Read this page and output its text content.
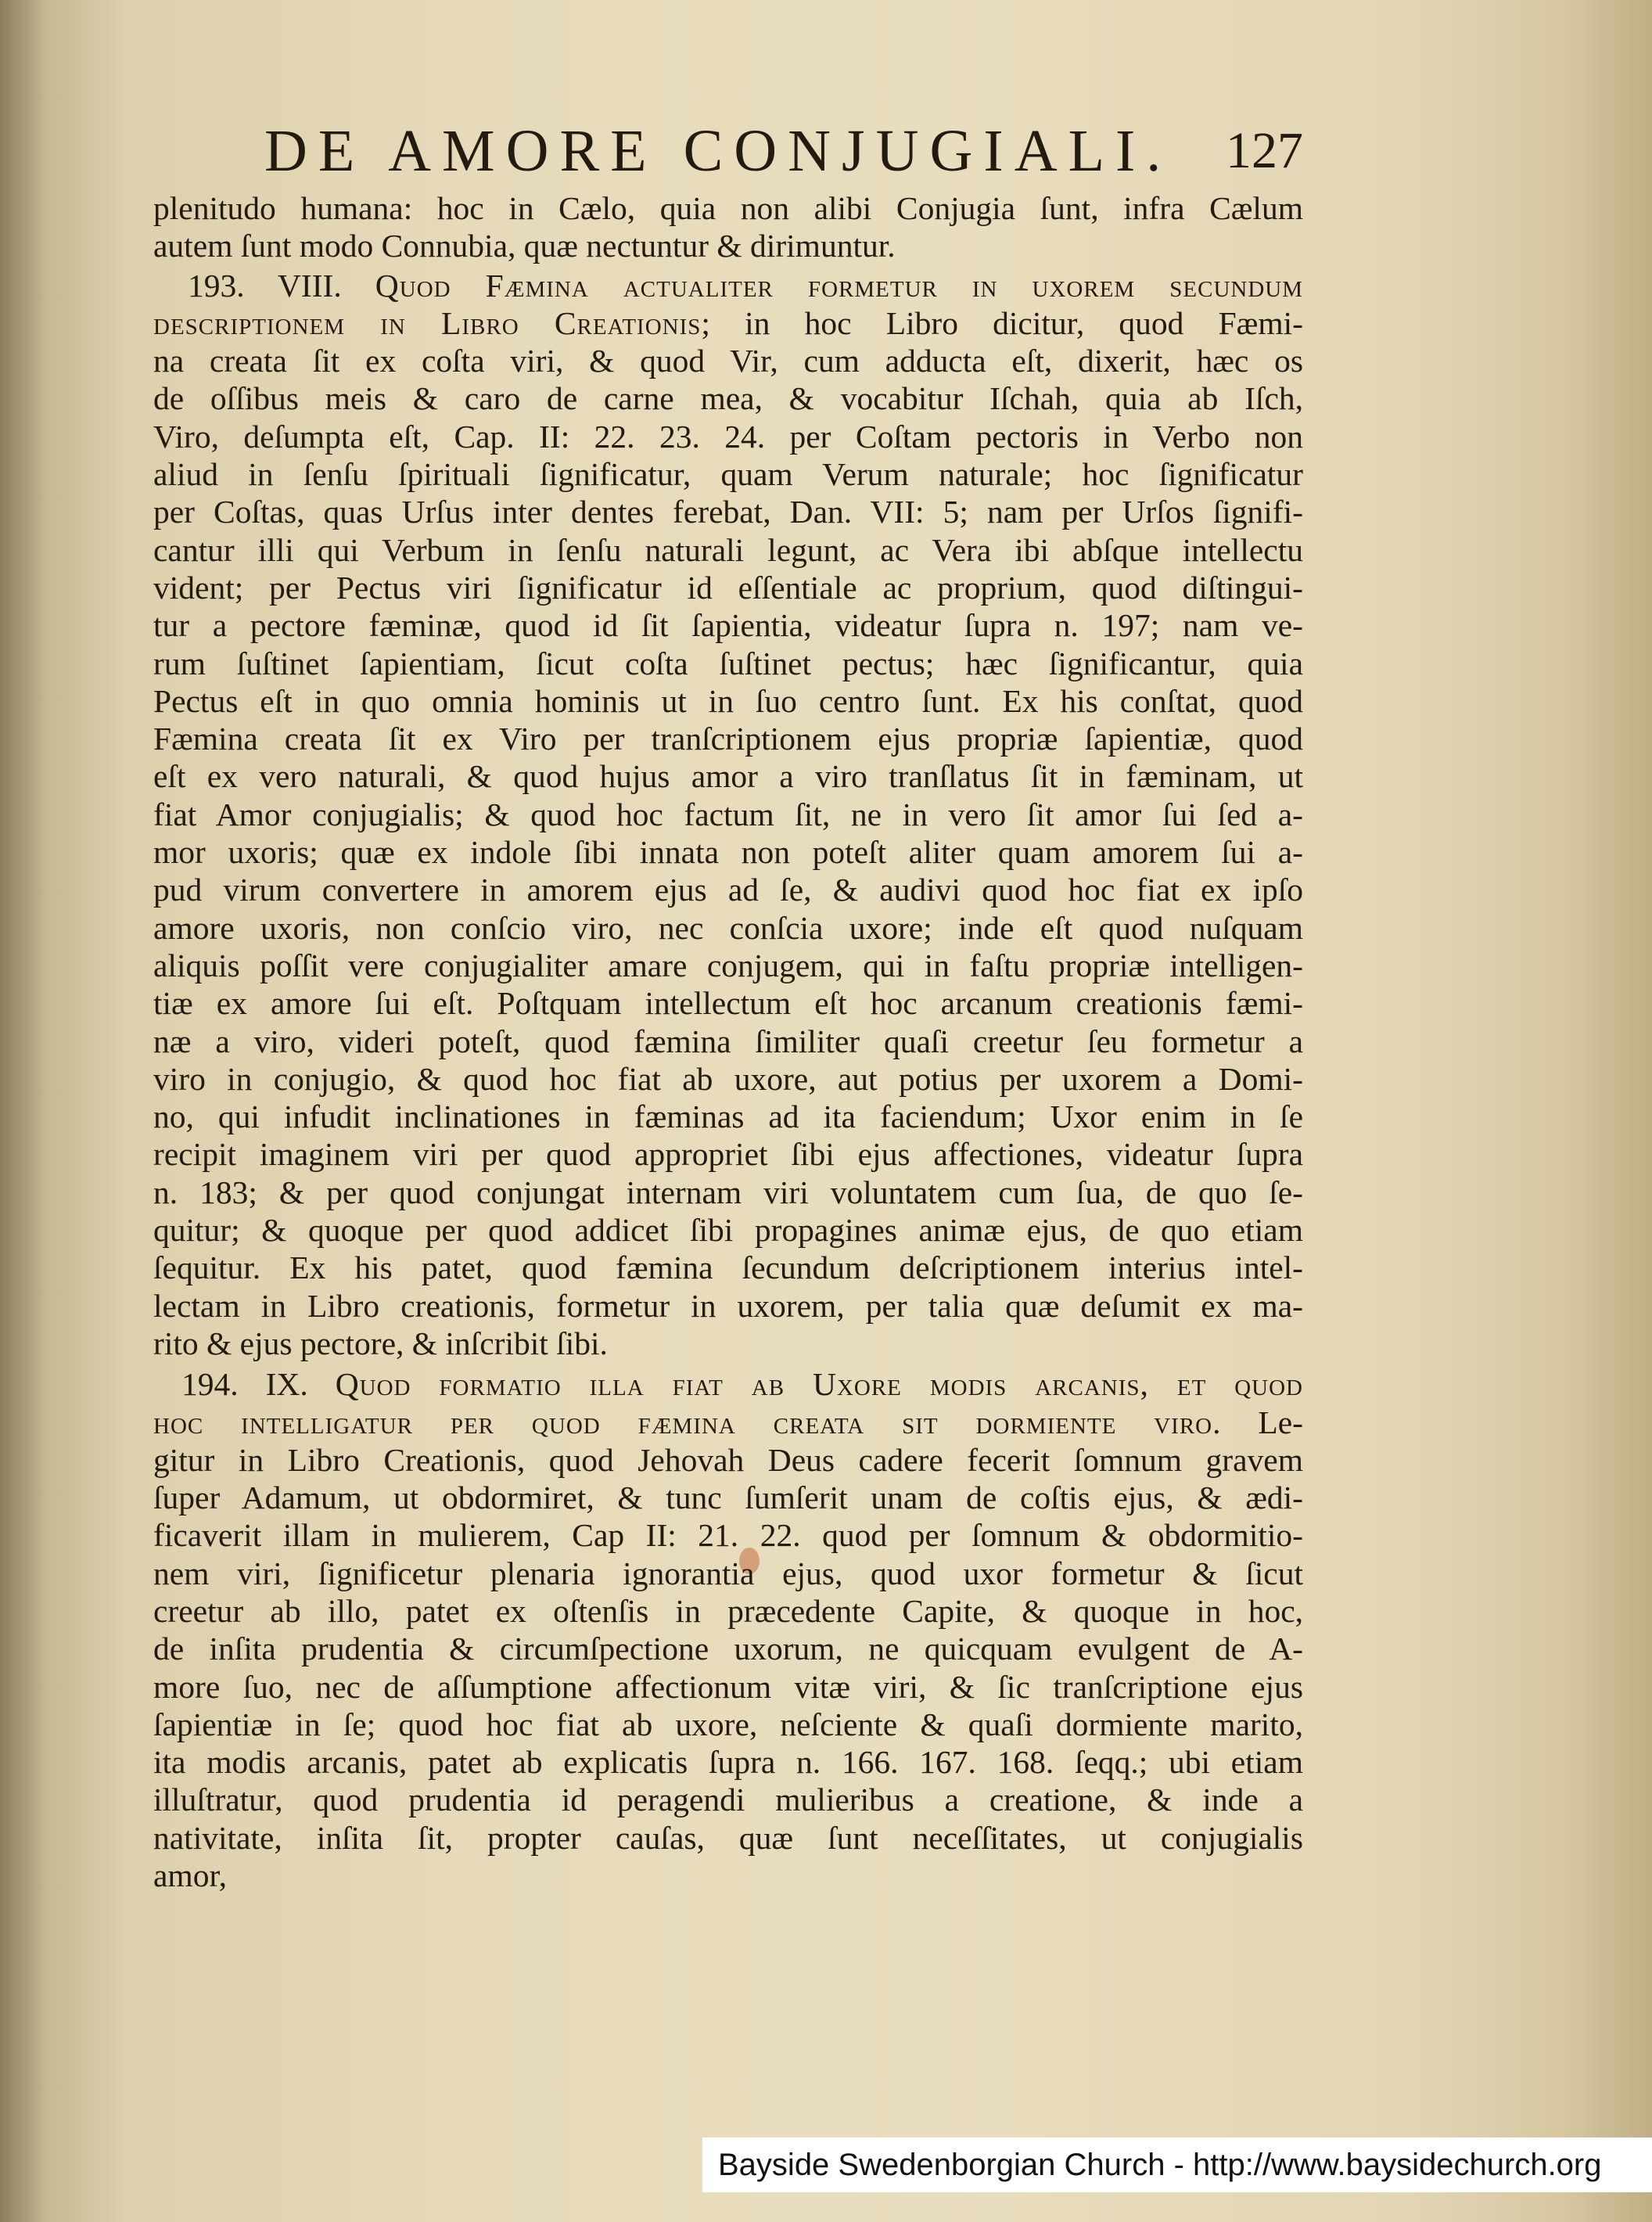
DE AMORE CONJUGIALI. 127

plenitudo humana: hoc in Cælo, quia non alibi Conjugia ſunt, infra Cælum
autem ſunt modo Connubia, quæ nectuntur & dirimuntur.

193. VIII. Quod Fæmina actualiter formetur in uxorem secundum
descriptionem in Libro Creationis; in hoc Libro dicitur, quod Fæmi-
na creata ſit ex coſta viri, & quod Vir, cum adducta eſt, dixerit, hæc os
de oſſibus meis & caro de carne mea, & vocabitur Iſchah, quia ab Iſch,
Viro, deſumpta eſt, Cap. II: 22. 23. 24. per Coſtam pectoris in Verbo non
aliud in ſenſu ſpirituali ſignificatur, quam Verum naturale; hoc ſignificatur
per Coſtas, quas Urſus inter dentes ferebat, Dan. VII: 5; nam per Urſos ſignifi-
cantur illi qui Verbum in ſenſu naturali legunt, ac Vera ibi abſque intellectu
vident; per Pectus viri ſignificatur id eſſentiale ac proprium, quod diſtingui-
tur a pectore fæminæ, quod id ſit ſapientia, videatur ſupra n. 197; nam ve-
rum ſuſtinet ſapientiam, ſicut coſta ſuſtinet pectus; hæc ſignificantur, quia
Pectus eſt in quo omnia hominis ut in ſuo centro ſunt. Ex his conſtat, quod
Fæmina creata ſit ex Viro per tranſcriptionem ejus propriæ ſapientiæ, quod
eſt ex vero naturali, & quod hujus amor a viro tranſlatus ſit in fæminam, ut
fiat Amor conjugialis; & quod hoc factum ſit, ne in vero ſit amor ſui ſed a-
mor uxoris; quæ ex indole ſibi innata non poteſt aliter quam amorem ſui a-
pud virum convertere in amorem ejus ad ſe, & audivi quod hoc fiat ex ipſo
amore uxoris, non conſcio viro, nec conſcia uxore; inde eſt quod nuſquam
aliquis poſſit vere conjugialiter amare conjugem, qui in faſtu propriæ intelligen-
tiæ ex amore ſui eſt. Poſtquam intellectum eſt hoc arcanum creationis fæmi-
næ a viro, videri poteſt, quod fæmina ſimiliter quaſi creetur ſeu formetur a
viro in conjugio, & quod hoc fiat ab uxore, aut potius per uxorem a Domi-
no, qui infudit inclinationes in fæminas ad ita faciendum; Uxor enim in ſe
recipit imaginem viri per quod appropriet ſibi ejus affectiones, videatur ſupra
n. 183; & per quod conjungat internam viri voluntatem cum ſua, de quo ſe-
quitur; & quoque per quod addicet ſibi propagines animæ ejus, de quo etiam
ſequitur. Ex his patet, quod fæmina ſecundum deſcriptionem interius intel-
lectam in Libro creationis, formetur in uxorem, per talia quæ deſumit ex ma-
rito & ejus pectore, & inſcribit ſibi.

194. IX. Quod formatio illa fiat ab Uxore modis arcanis, et quod
hoc intelligatur per quod fæmina creata sit dormiente viro. Le-
gitur in Libro Creationis, quod Jehovah Deus cadere fecerit ſomnum gravem
ſuper Adamum, ut obdormiret, & tunc ſumſerit unam de coſtis ejus, & ædi-
ficaverit illam in mulierem, Cap II: 21. 22. quod per ſomnum & obdormitio-
nem viri, ſignificetur plenaria ignorantia ejus, quod uxor formetur & ſicut
creetur ab illo, patet ex oſtenſis in præcedente Capite, & quoque in hoc,
de inſita prudentia & circumſpectione uxorum, ne quicquam evulgent de A-
more ſuo, nec de aſſumptione affectionum vitæ viri, & ſic tranſcriptione ejus
ſapientiæ in ſe; quod hoc fiat ab uxore, neſciente & quaſi dormiente marito,
ita modis arcanis, patet ab explicatis ſupra n. 166. 167. 168. ſeqq.; ubi etiam
illuſtratur, quod prudentia id peragendi mulieribus a creatione, & inde a
nativitate, inſita ſit, propter cauſas, quæ ſunt neceſſitates, ut conjugialis
amor,

Bayside Swedenborgian Church - http://www.baysidechurch.org
